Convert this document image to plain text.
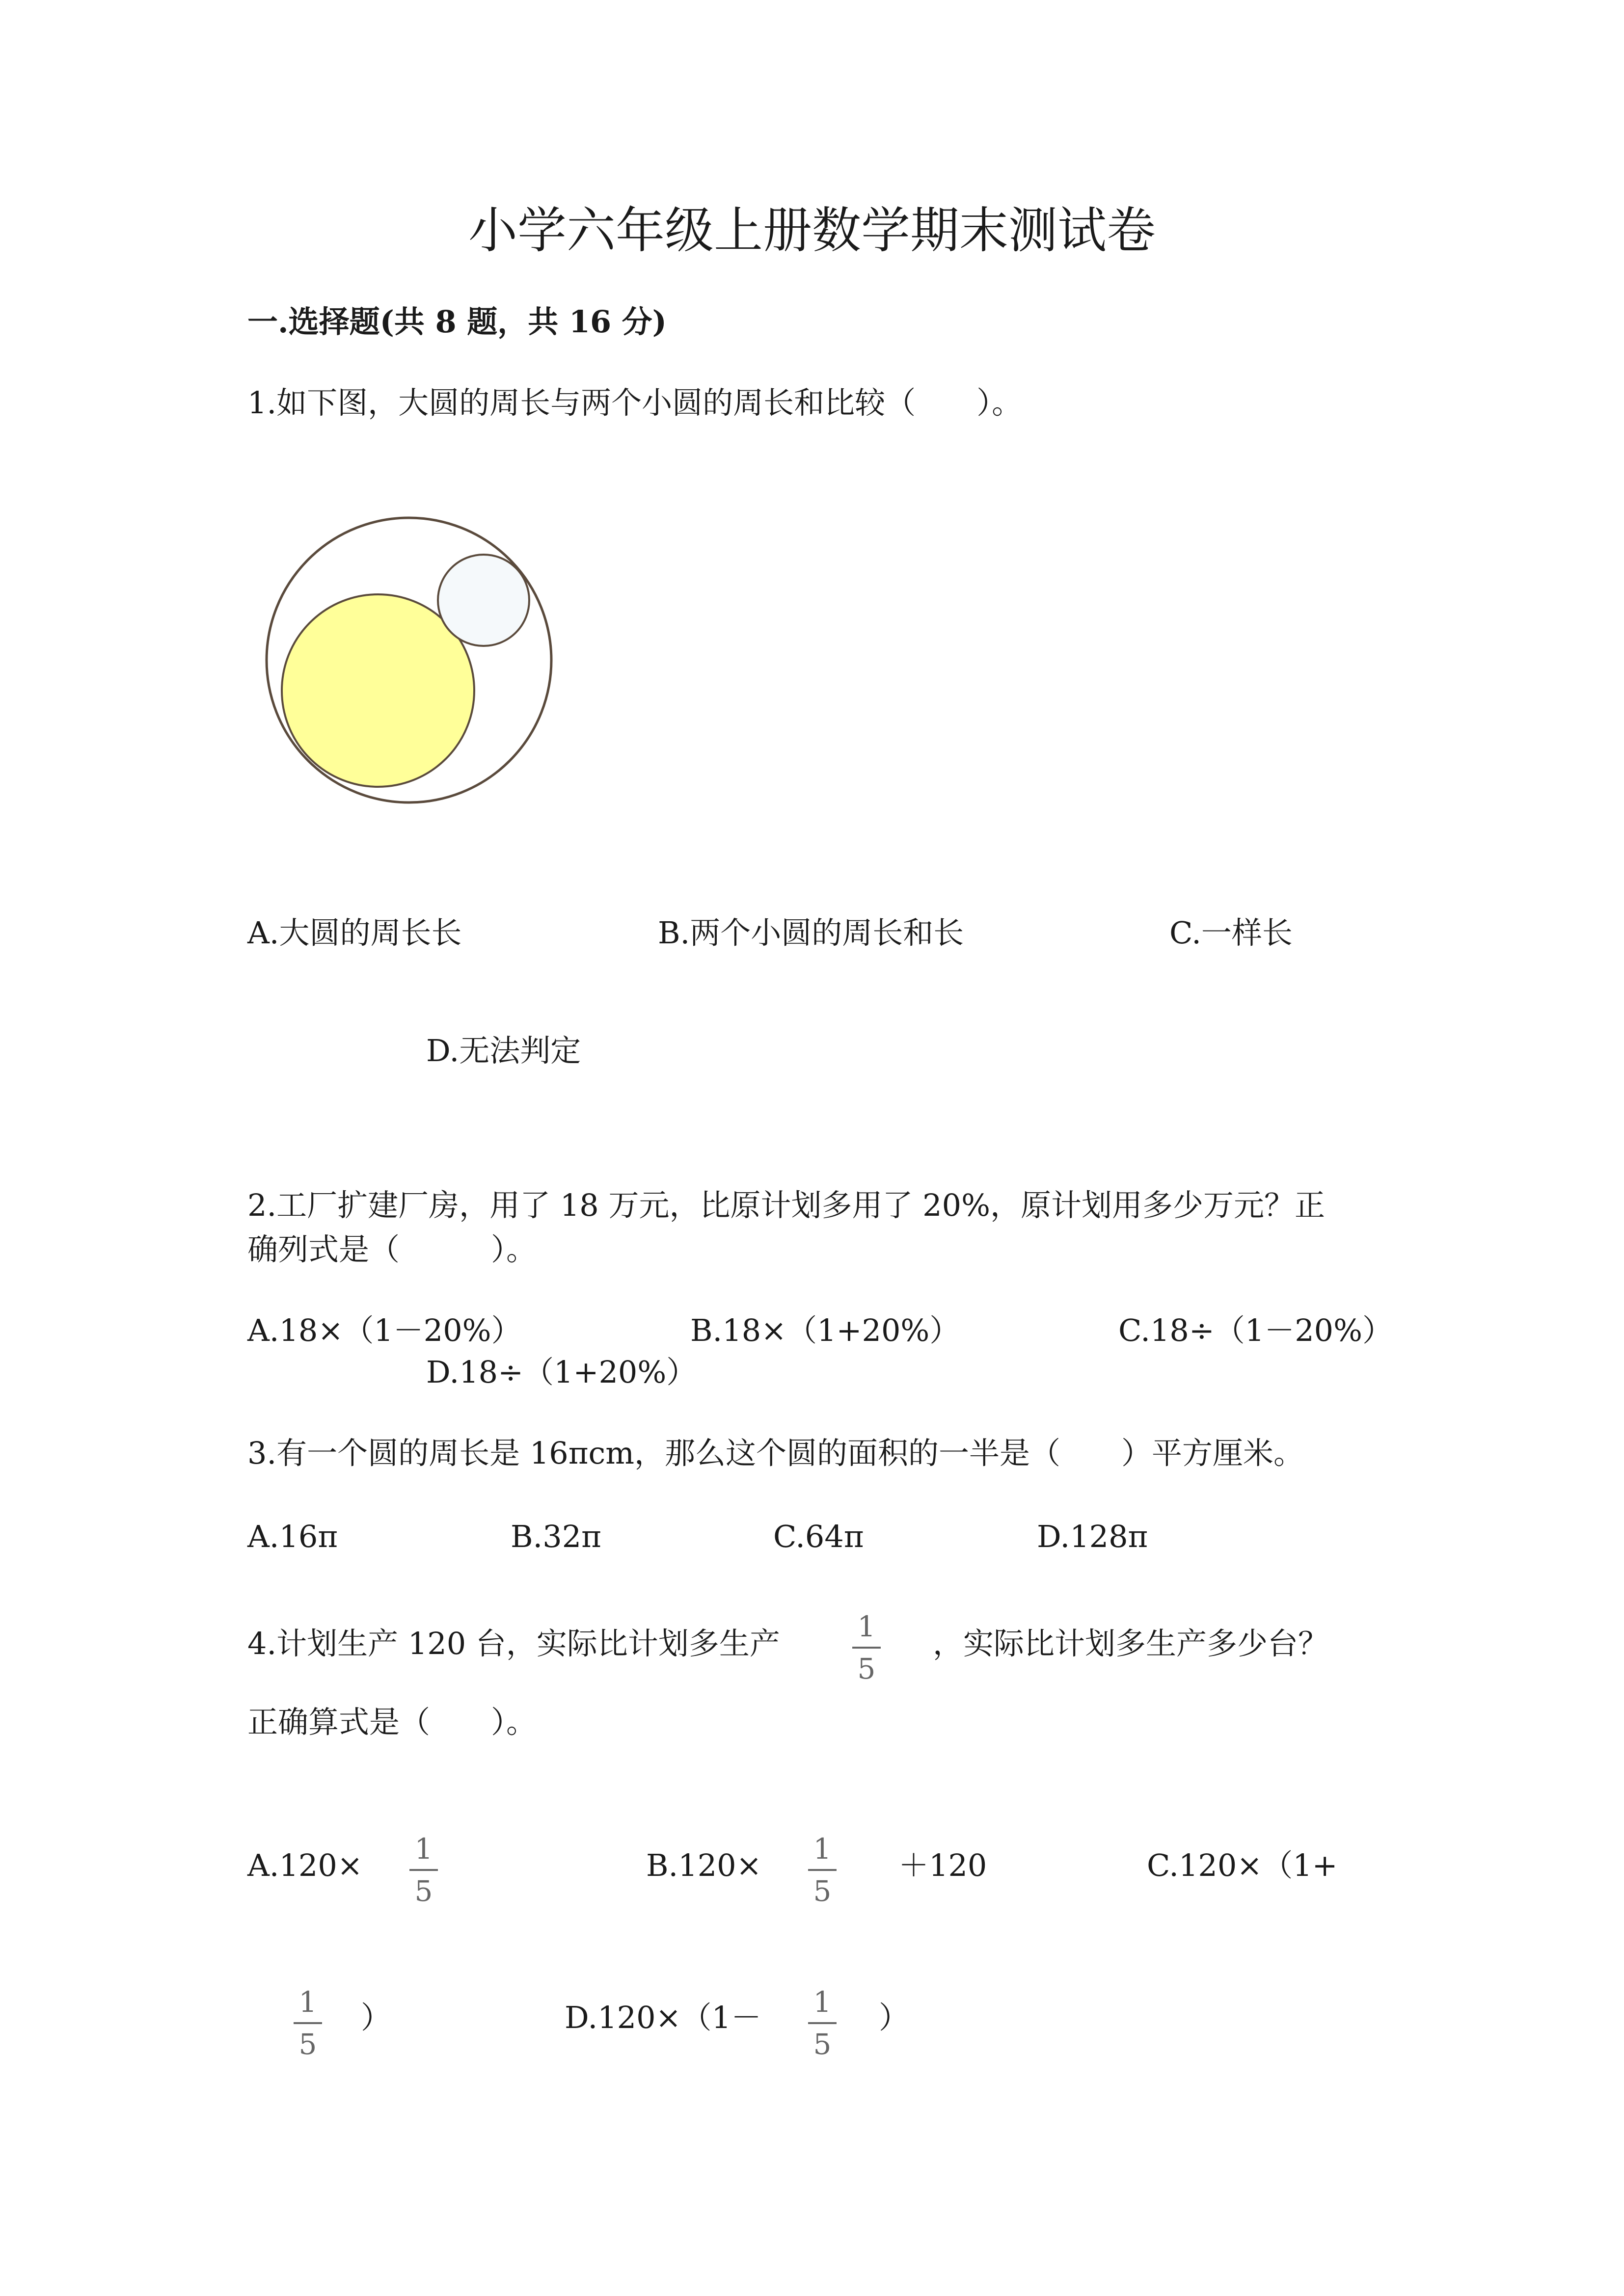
小学六年级上册数学期末测试卷
一.选择题(共 8 题，共 16 分)
1.如下图，大圆的周长与两个小圆的周长和比较（　　）。
A.大圆的周长长	B.两个小圆的周长和长	C.一样长
D.无法判定
2.工厂扩建厂房，用了 18 万元，比原计划多用了 20%，原计划用多少万元？正
确列式是（　　　）。
A.18×（1－20%）	B.18×（1+20%）	C.18÷（1－20%）
D.18÷（1+20%）
3.有一个圆的周长是 16πcm，那么这个圆的面积的一半是（　　）平方厘米。
A.16π	B.32π	C.64π	D.128π
4.计划生产 120 台，实际比计划多生产	1
5
，实际比计划多生产多少台？
正确算式是（　　）。
A.120× 1
5
B.120× 1
5
＋120	C.120×（1+
1
5
）	D.120×（1－ 1
5
）
